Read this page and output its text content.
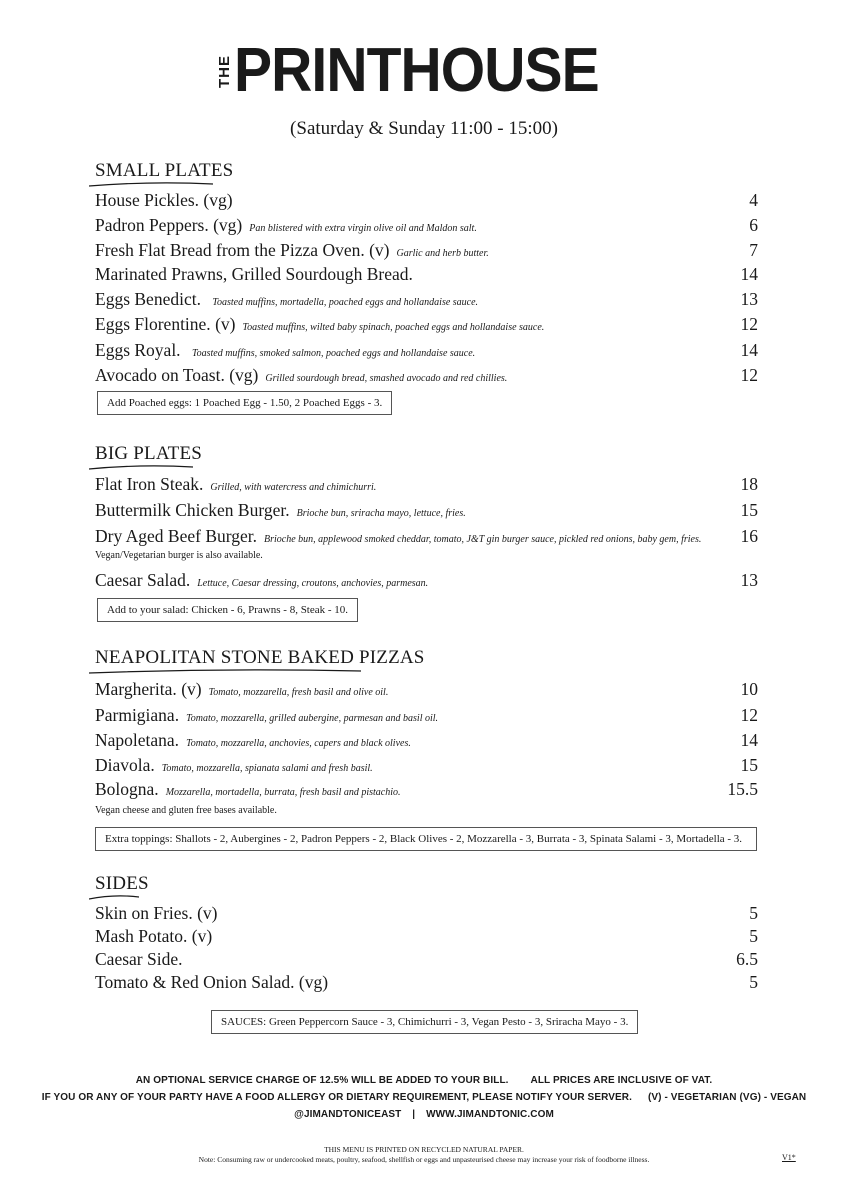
THE PRINTHOUSE
(Saturday & Sunday 11:00 - 15:00)
SMALL PLATES
House Pickles. (vg)	4
Padron Peppers. (vg) Pan blistered with extra virgin olive oil and Maldon salt.	6
Fresh Flat Bread from the Pizza Oven. (v) Garlic and herb butter.	7
Marinated Prawns, Grilled Sourdough Bread.	14
Eggs Benedict. Toasted muffins, mortadella, poached eggs and hollandaise sauce.	13
Eggs Florentine. (v) Toasted muffins, wilted baby spinach, poached eggs and hollandaise sauce.	12
Eggs Royal. Toasted muffins, smoked salmon, poached eggs and hollandaise sauce.	14
Avocado on Toast. (vg) Grilled sourdough bread, smashed avocado and red chillies.	12
Add Poached eggs: 1 Poached Egg - 1.50, 2 Poached Eggs - 3.
BIG PLATES
Flat Iron Steak. Grilled, with watercress and chimichurri.	18
Buttermilk Chicken Burger. Brioche bun, sriracha mayo, lettuce, fries.	15
Dry Aged Beef Burger. Brioche bun, applewood smoked cheddar, tomato, J&T gin burger sauce, pickled red onions, baby gem, fries. 16
Vegan/Vegetarian burger is also available.
Caesar Salad. Lettuce, Caesar dressing, croutons, anchovies, parmesan.	13
Add to your salad: Chicken - 6, Prawns - 8, Steak - 10.
NEAPOLITAN STONE BAKED PIZZAS
Margherita. (v) Tomato, mozzarella, fresh basil and olive oil.	10
Parmigiana. Tomato, mozzarella, grilled aubergine, parmesan and basil oil.	12
Napoletana. Tomato, mozzarella, anchovies, capers and black olives.	14
Diavola. Tomato, mozzarella, spianata salami and fresh basil.	15
Bologna. Mozzarella, mortadella, burrata, fresh basil and pistachio.	15.5
Vegan cheese and gluten free bases available.
Extra toppings: Shallots - 2, Aubergines - 2, Padron Peppers - 2, Black Olives - 2, Mozzarella - 3, Burrata - 3, Spinata Salami - 3, Mortadella - 3.
SIDES
Skin on Fries. (v)	5
Mash Potato. (v)	5
Caesar Side.	6.5
Tomato & Red Onion Salad. (vg)	5
SAUCES: Green Peppercorn Sauce - 3, Chimichurri - 3, Vegan Pesto - 3, Sriracha Mayo - 3.
AN OPTIONAL SERVICE CHARGE OF 12.5% WILL BE ADDED TO YOUR BILL. ALL PRICES ARE INCLUSIVE OF VAT.
IF YOU OR ANY OF YOUR PARTY HAVE A FOOD ALLERGY OR DIETARY REQUIREMENT, PLEASE NOTIFY YOUR SERVER. (V) - VEGETARIAN (VG) - VEGAN
@JIMANDTONICEAST | WWW.JIMANDTONIC.COM
THIS MENU IS PRINTED ON RECYCLED NATURAL PAPER.
Note: Consuming raw or undercooked meats, poultry, seafood, shellfish or eggs and unpasteurised cheese may increase your risk of foodborne illness.	V1*
